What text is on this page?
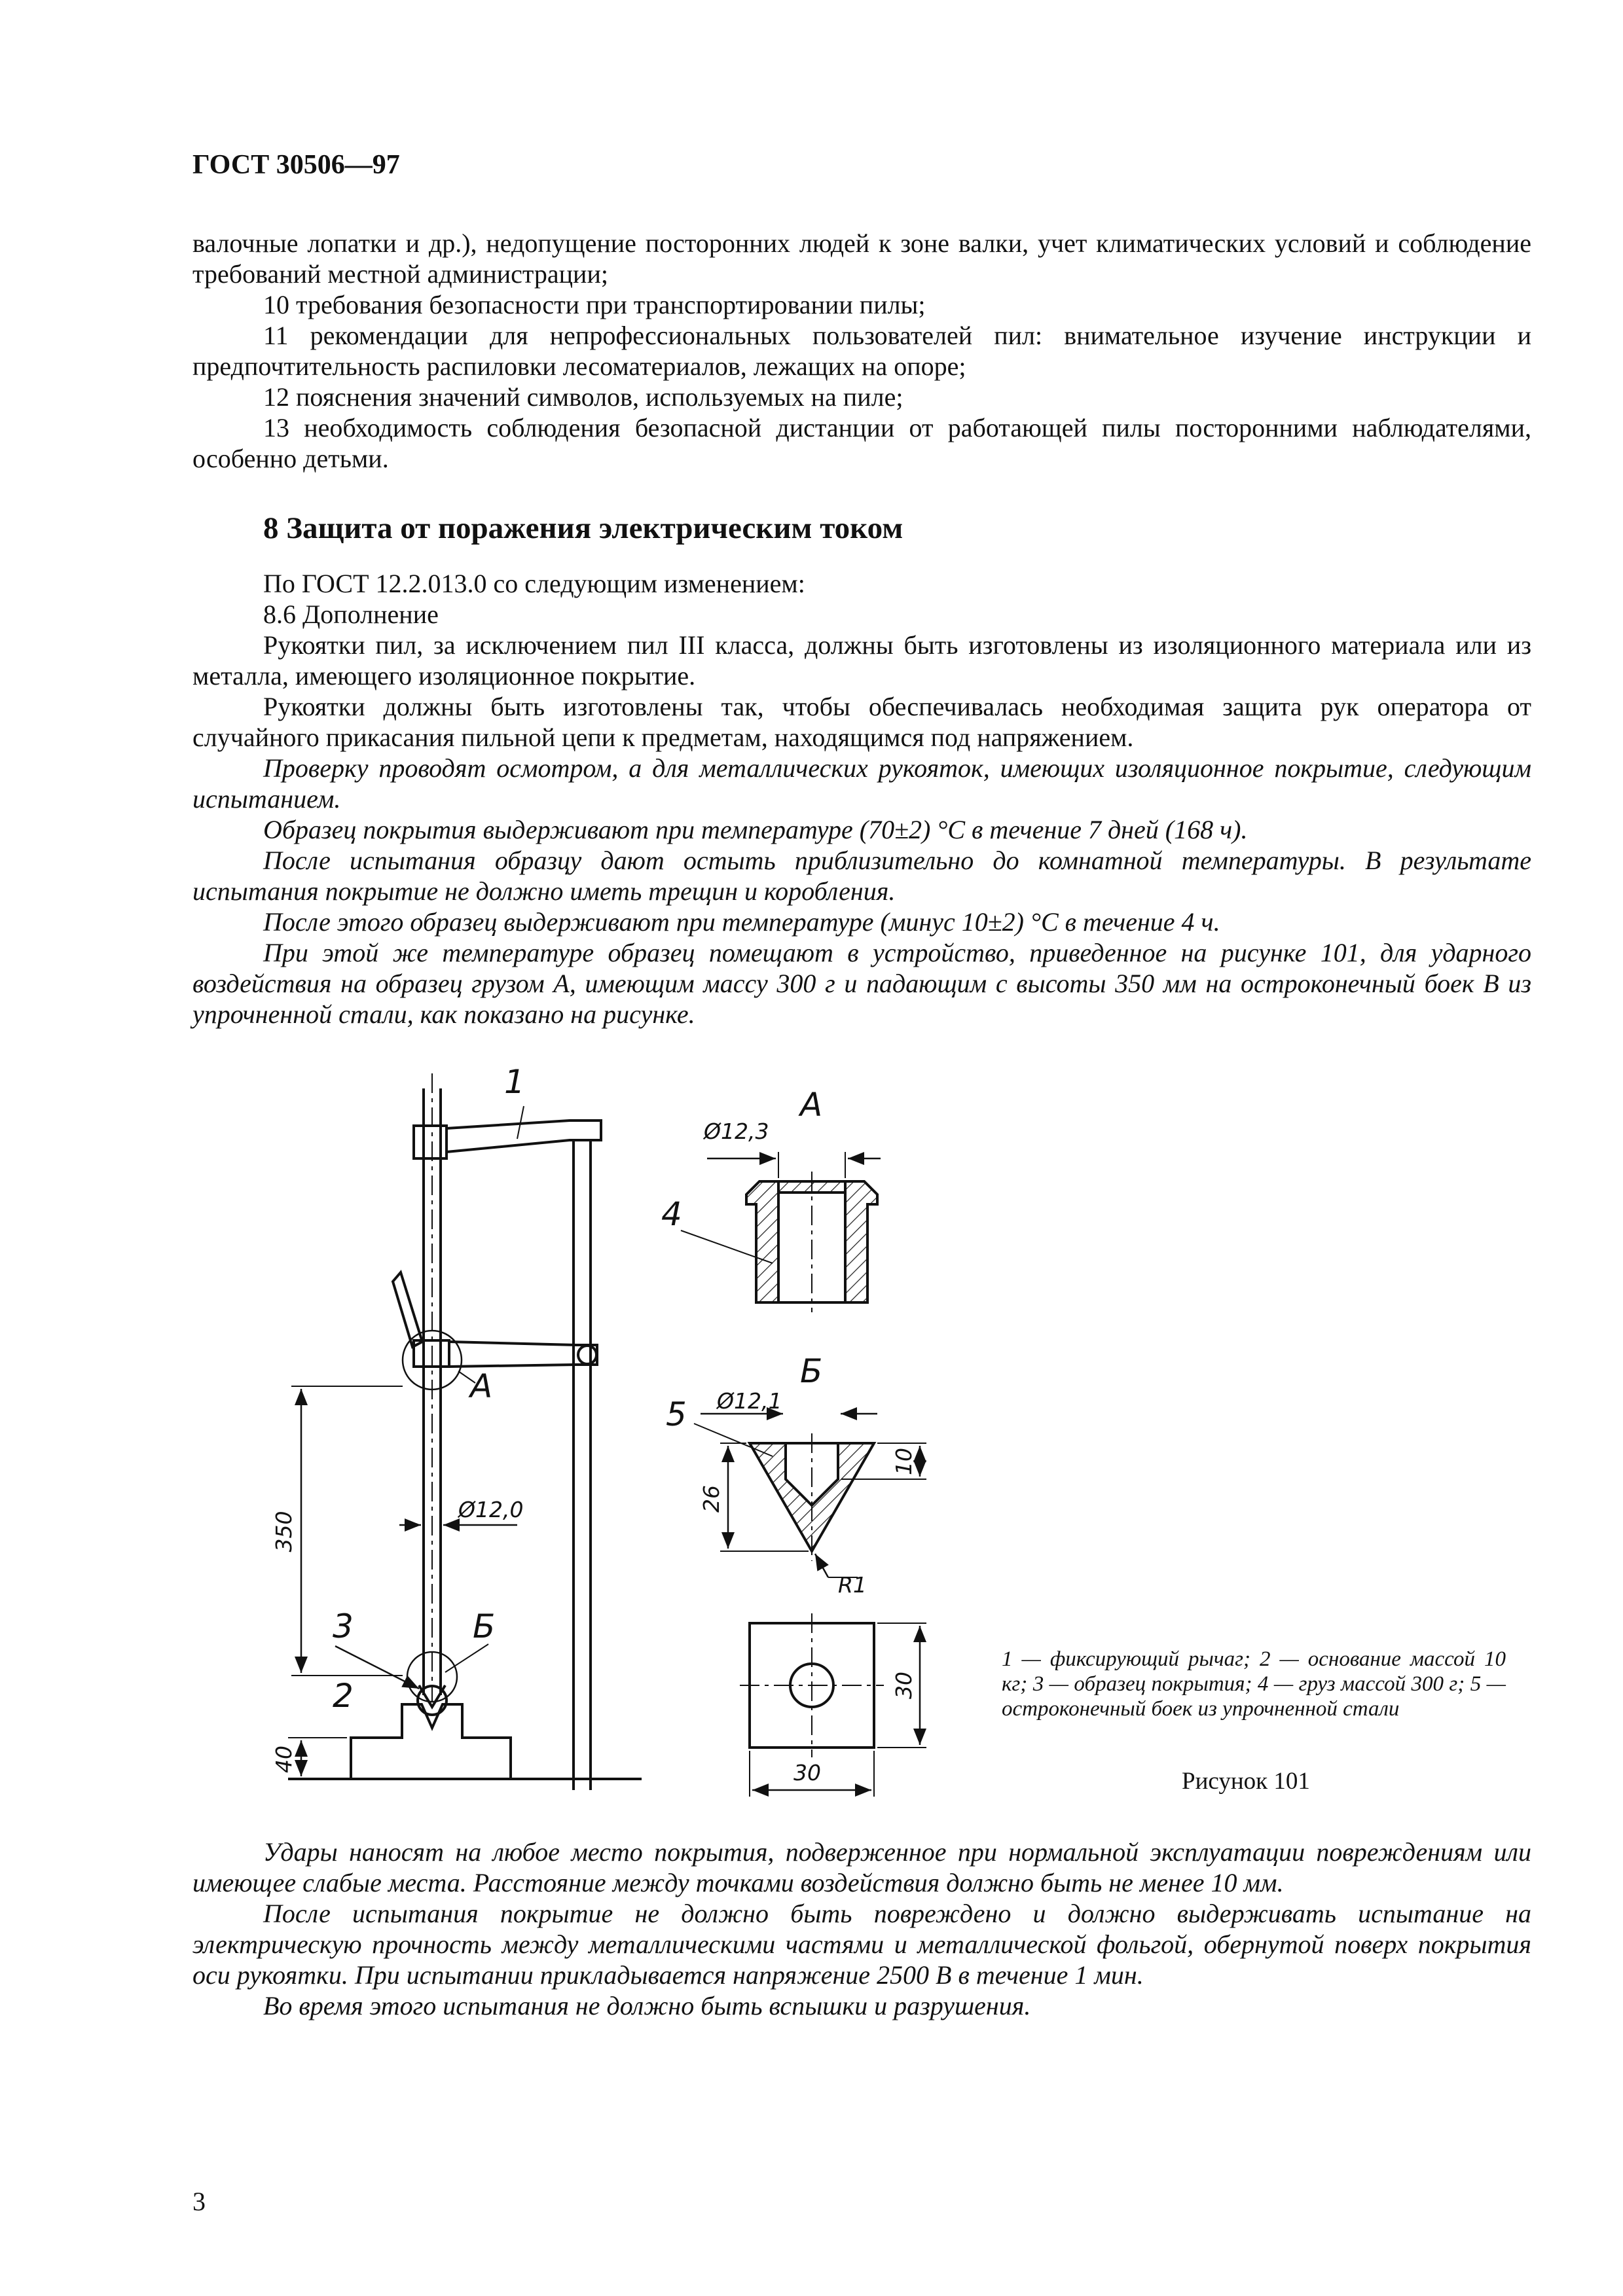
ГОСТ 30506—97

валочные лопатки и др.), недопущение посторонних людей к зоне валки, учет климатических условий и соблюдение требований местной администрации;

10 требования безопасности при транспортировании пилы;

11 рекомендации для непрофессиональных пользователей пил: внимательное изучение инструкции и предпочтительность распиловки лесоматериалов, лежащих на опоре;

12 пояснения значений символов, используемых на пиле;

13 необходимость соблюдения безопасной дистанции от работающей пилы посторонними наблюдателями, особенно детьми.

8 Защита от поражения электрическим током

По ГОСТ 12.2.013.0 со следующим изменением:

8.6 Дополнение

Рукоятки пил, за исключением пил III класса, должны быть изготовлены из изоляционного материала или из металла, имеющего изоляционное покрытие.

Рукоятки должны быть изготовлены так, чтобы обеспечивалась необходимая защита рук оператора от случайного прикасания пильной цепи к предметам, находящимся под напряжением.

Проверку проводят осмотром, а для металлических рукояток, имеющих изоляционное покрытие, следующим испытанием.

Образец покрытия выдерживают при температуре (70±2) °С в течение 7 дней (168 ч).

После испытания образцу дают остыть приблизительно до комнатной температуры. В результате испытания покрытие не должно иметь трещин и коробления.

После этого образец выдерживают при температуре (минус 10±2) °С в течение 4 ч.

При этой же температуре образец помещают в устройство, приведенное на рисунке 101, для ударного воздействия на образец грузом А, имеющим массу 300 г и падающим с высоты 350 мм на остроконечный боек В из упрочненной стали, как показано на рисунке.

1
А
Ø12,3
4
Б
Ø12,1
5
R1
30
А
Ø12,0
3	Б
2
350
40
26
10
30
1 — фиксирующий рычаг; 2 — основание массой 10 кг; 3 — образец покрытия; 4 — груз массой 300 г; 5 — остроконечный боек из упрочненной стали
Рисунок 101

Удары наносят на любое место покрытия, подверженное при нормальной эксплуатации повреждениям или имеющее слабые места. Расстояние между точками воздействия должно быть не менее 10 мм.

После испытания покрытие не должно быть повреждено и должно выдерживать испытание на электрическую прочность между металлическими частями и металлической фольгой, обернутой поверх покрытия оси рукоятки. При испытании прикладывается напряжение 2500 В в течение 1 мин.

Во время этого испытания не должно быть вспышки и разрушения.

3
